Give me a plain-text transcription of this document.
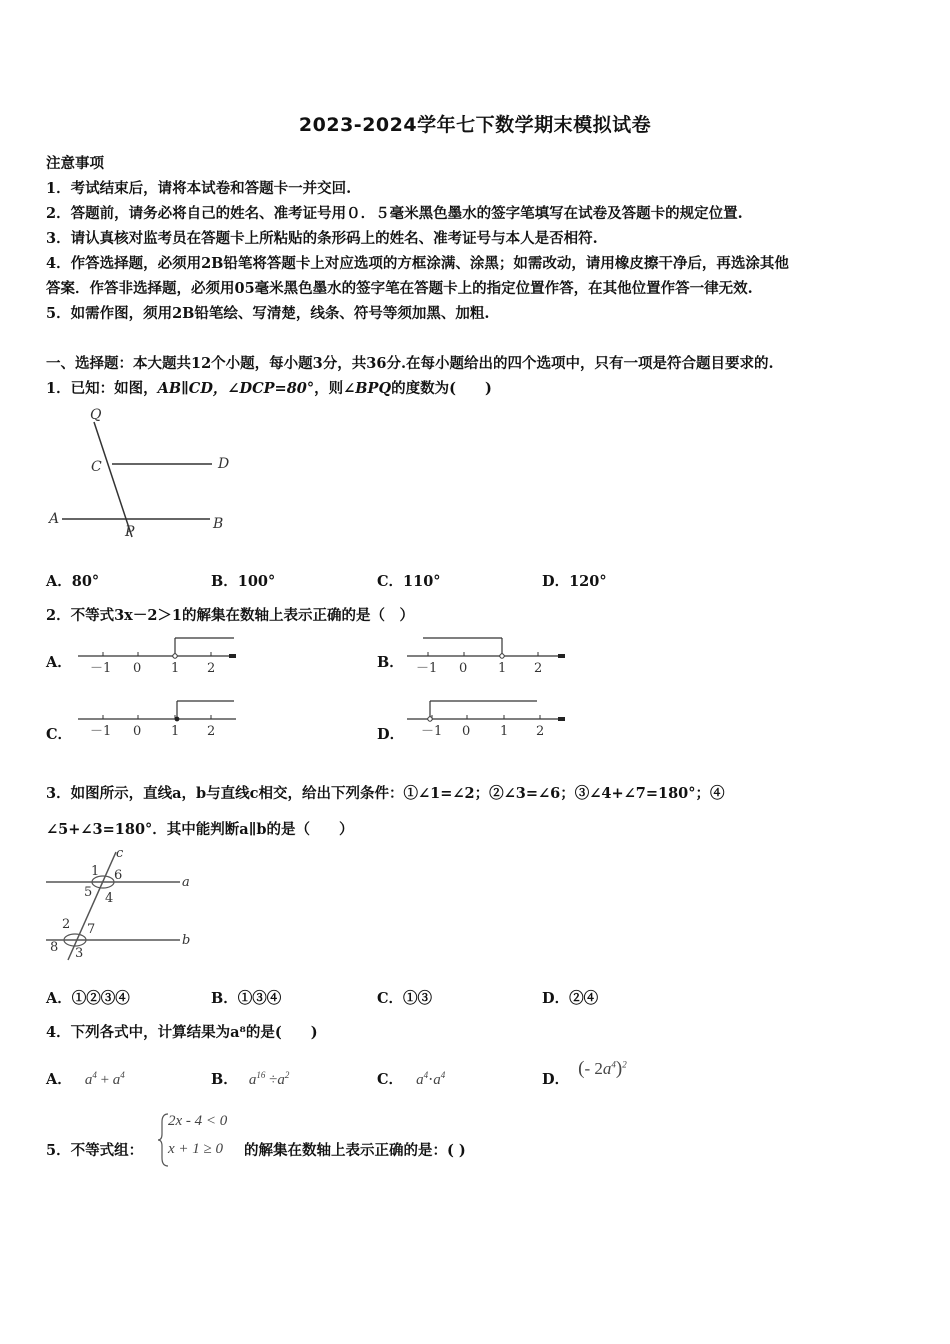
2023-2024学年七下数学期末模拟试卷
注意事项
1．考试结束后，请将本试卷和答题卡一并交回.
2．答题前，请务必将自己的姓名、准考证号用０．５毫米黑色墨水的签字笔填写在试卷及答题卡的规定位置.
3．请认真核对监考员在答题卡上所粘贴的条形码上的姓名、准考证号与本人是否相符.
4．作答选择题，必须用2B铅笔将答题卡上对应选项的方框涂满、涂黑；如需改动，请用橡皮擦干净后，再选涂其他
答案．作答非选择题，必须用05毫米黑色墨水的签字笔在答题卡上的指定位置作答，在其他位置作答一律无效.
5．如需作图，须用2B铅笔绘、写清楚，线条、符号等须加黑、加粗.
一、选择题：本大题共12个小题，每小题3分，共36分.在每小题给出的四个选项中，只有一项是符合题目要求的.
1．已知：如图，AB∥CD，∠DCP=80°，则∠BPQ的度数为(　　)
Q
C	D
A
P	B
A．80°	B．100°	C．110°	D．120°
2．不等式3x－2＞1的解集在数轴上表示正确的是（　）
A． －1 0 1 2	B． －1 0 1 2
C． －1 0 1 2	D． －1 0 1 2
3．如图所示，直线a，b与直线c相交，给出下列条件：①∠1=∠2；②∠3=∠6；③∠4+∠7=180°；④
∠5+∠3=180°．其中能判断a∥b的是（　　）
c
a
b
1 6
5 4
2 7
8 3
A．①②③④	B．①③④	C．①③	D．②④
4．下列各式中，计算结果为a⁸的是(　　)
A． $a^4 + a^4$	B． $a^{16} \div a^2$	C． $a^4\cdot a^4$	D． (- $2a^4)^2$
5．不等式组：
2x - 4 < 0
x + 1 ≥ 0 的解集在数轴上表示正确的是：( )
